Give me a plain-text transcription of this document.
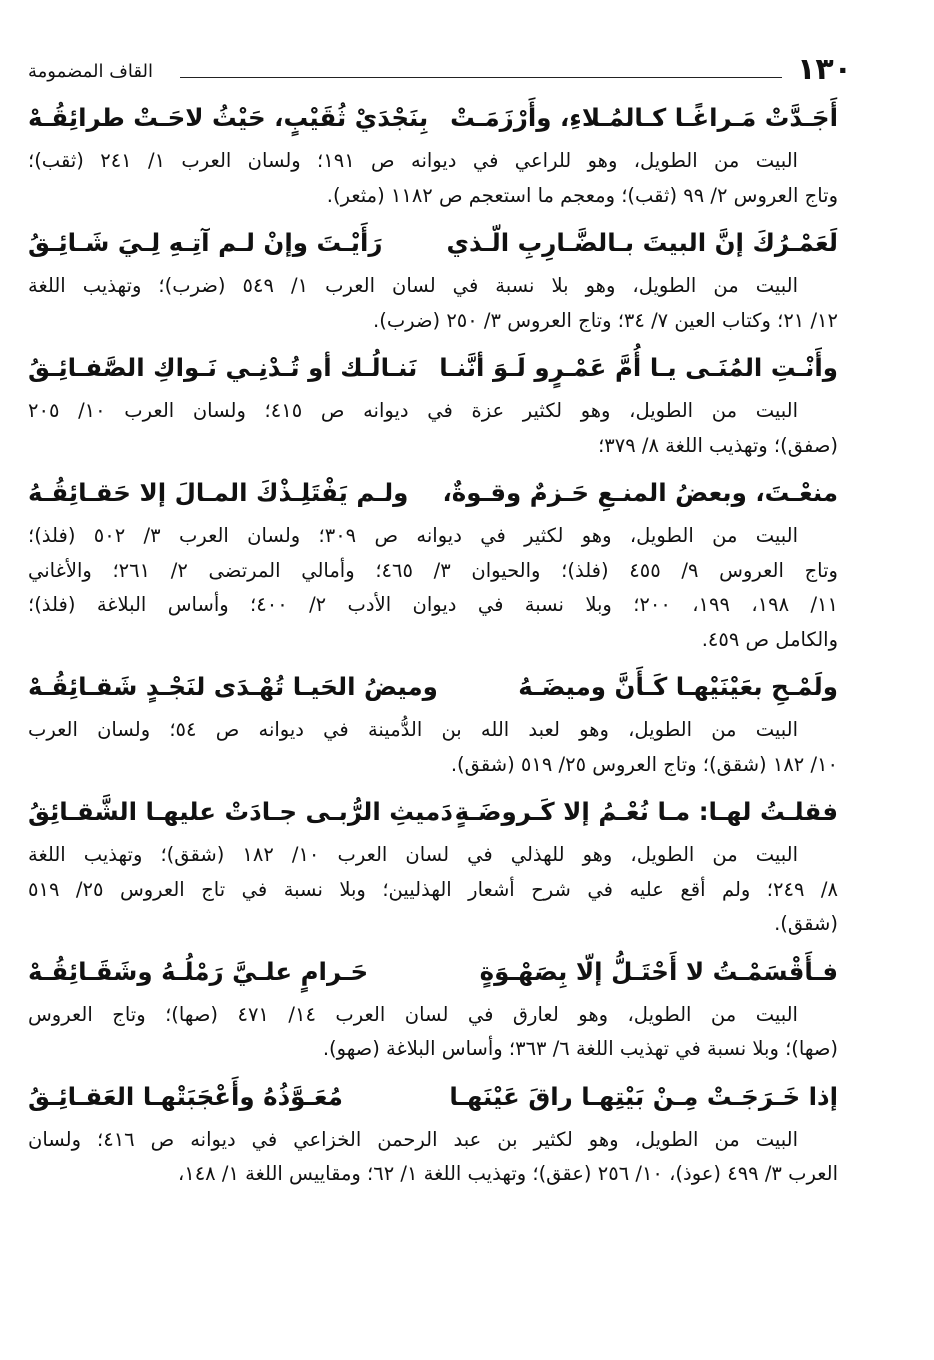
١٣٠
القاف المضمومة
أَجَـدَّتْ مَـراغًـا كـالمُـلاءِ، وأَرْزَمَـتْ
بِنَجْدَيْ ثُقَيْبٍ، حَيْثُ لاحَـتْ طرائِقُـهْ
البيت من الطويل، وهو للراعي في ديوانه ص ١٩١؛ ولسان العرب ١/ ٢٤١ (ثقب)؛
وتاج العروس ٢/ ٩٩ (ثقب)؛ ومعجم ما استعجم ص ١١٨٢ (مثعر).
لَعَمْـرُكَ إنَّ البيتَ بـالضَّـارِبِ الّـذي
رَأَيْـتَ وإنْ لـم آتِـهِ لِـيَ شَـائِـقُ
البيت من الطويل، وهو بلا نسبة في لسان العرب ١/ ٥٤٩ (ضرب)؛ وتهذيب اللغة
١٢/ ٢١؛ وكتاب العين ٧/ ٣٤؛ وتاج العروس ٣/ ٢٥٠ (ضرب).
وأَنْـتِ المُنَـى يـا أُمَّ عَمْـرٍو لَـوَ أنَّنـا
نَنـالُـك أو تُـدْنِـي نَـواكِ الصَّفـائِـقُ
البيت من الطويل، وهو لكثير عزة في ديوانه ص ٤١٥؛ ولسان العرب ١٠/ ٢٠٥
(صفق)؛ وتهذيب اللغة ٨/ ٣٧٩؛
منعْـتَ، وبعضُ المنـعِ حَـزمٌ وقـوةٌ،
ولـم يَفْتَلِـذْكَ المـالَ إلا حَقـائِقُـهُ
البيت من الطويل، وهو لكثير في ديوانه ص ٣٠٩؛ ولسان العرب ٣/ ٥٠٢ (فلذ)؛
وتاج العروس ٩/ ٤٥٥ (فلذ)؛ والحيوان ٣/ ٤٦٥؛ وأمالي المرتضى ٢/ ٢٦١؛ والأغاني
١١/ ١٩٨، ١٩٩، ٢٠٠؛ وبلا نسبة في ديوان الأدب ٢/ ٤٠٠؛ وأساس البلاغة (فلذ)؛
والكامل ص ٤٥٩.
ولَمْـحِ بعَيْنَيْهـا كَـأَنَّ وميضَـهُ
وميضُ الحَيـا تُهْـدَى لنَجْـدٍ شَقـائِقُـهْ
البيت من الطويل، وهو لعبد الله بن الدُّمينة في ديوانه ص ٥٤؛ ولسان العرب
١٠/ ١٨٢ (شقق)؛ وتاج العروس ٢٥/ ٥١٩ (شقق).
فقلـتُ لهـا: مـا نُعْـمُ إلا كَـروضَـةٍ
دَميثِ الرُّبـى جـادَتْ عليهـا الشَّقـائِقُ
البيت من الطويل، وهو للهذلي في لسان العرب ١٠/ ١٨٢ (شقق)؛ وتهذيب اللغة
٨/ ٢٤٩؛ ولم أقع عليه في شرح أشعار الهذليين؛ وبلا نسبة في تاج العروس ٢٥/ ٥١٩
(شقق).
فـأَقْسَمْـتُ لا أَحْتَـلُّ إلّا بِصَهْـوَةٍ
حَـرامٍ علـيَّ رَمْلُـهُ وشَقَـائِقُـهْ
البيت من الطويل، وهو لعارق في لسان العرب ١٤/ ٤٧١ (صها)؛ وتاج العروس
(صها)؛ وبلا نسبة في تهذيب اللغة ٦/ ٣٦٣؛ وأساس البلاغة (صهو).
إذا خَـرَجَـتْ مِـنْ بَيْتِهـا راقَ عَيْنَهـا
مُعَـوَّذُهُ وأَعْجَبَتْهـا العَقـائِـقُ
البيت من الطويل، وهو لكثير بن عبد الرحمن الخزاعي في ديوانه ص ٤١٦؛ ولسان
العرب ٣/ ٤٩٩ (عوذ)، ١٠/ ٢٥٦ (عقق)؛ وتهذيب اللغة ١/ ٦٢؛ ومقاييس اللغة ١/ ١٤٨،
